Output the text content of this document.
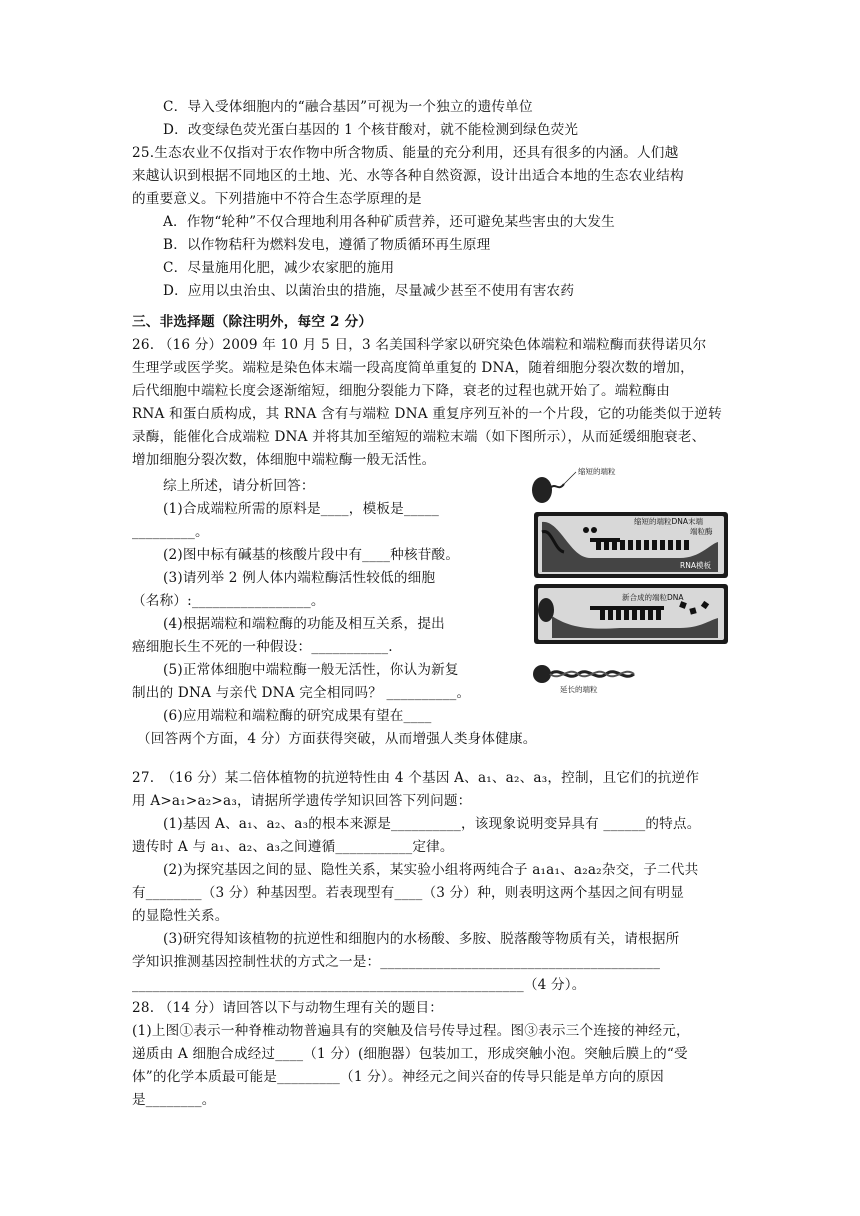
C．导入受体细胞内的“融合基因”可视为一个独立的遗传单位
D．改变绿色荧光蛋白基因的 1 个核苷酸对，就不能检测到绿色荧光
25.生态农业不仅指对于农作物中所含物质、能量的充分利用，还具有很多的内涵。人们越
来越认识到根据不同地区的土地、光、水等各种自然资源，设计出适合本地的生态农业结构
的重要意义。下列措施中不符合生态学原理的是
A．作物“轮种”不仅合理地利用各种矿质营养，还可避免某些害虫的大发生
B．以作物秸秆为燃料发电，遵循了物质循环再生原理
C．尽量施用化肥，减少农家肥的施用
D．应用以虫治虫、以菌治虫的措施，尽量减少甚至不使用有害农药
三、非选择题（除注明外，每空 2 分）
26. （16 分）2009 年 10 月 5 日，3 名美国科学家以研究染色体端粒和端粒酶而获得诺贝尔
生理学或医学奖。端粒是染色体末端一段高度简单重复的 DNA，随着细胞分裂次数的增加，
后代细胞中端粒长度会逐渐缩短，细胞分裂能力下降，衰老的过程也就开始了。端粒酶由
RNA 和蛋白质构成，其 RNA 含有与端粒 DNA 重复序列互补的一个片段，它的功能类似于逆转
录酶，能催化合成端粒 DNA 并将其加至缩短的端粒末端（如下图所示），从而延缓细胞衰老、
增加细胞分裂次数，体细胞中端粒酶一般无活性。
综上所述，请分析回答：
(1)合成端粒所需的原料是____，模板是_____
_________。
(2)图中标有碱基的核酸片段中有____种核苷酸。
(3)请列举 2 例人体内端粒酶活性较低的细胞
（名称）:_________________。
(4)根据端粒和端粒酶的功能及相互关系，提出
癌细胞长生不死的一种假设：___________.
(5)正常体细胞中端粒酶一般无活性，你认为新复
制出的 DNA 与亲代 DNA 完全相同吗？ __________。
(6)应用端粒和端粒酶的研究成果有望在____
（回答两个方面，4 分）方面获得突破，从而增强人类身体健康。
27.　（16 分）某二倍体植物的抗逆特性由 4 个基因 A、a₁、a₂、a₃，控制，且它们的抗逆作
用 A>a₁>a₂>a₃，请据所学遗传学知识回答下列问题：
(1)基因 A、a₁、a₂、a₃的根本来源是__________，该现象说明变异具有 ______的特点。
遗传时 A 与 a₁、a₂、a₃之间遵循___________定律。
(2)为探究基因之间的显、隐性关系，某实验小组将两纯合子 a₁a₁、a₂a₂杂交，子二代共
有________（3 分）种基因型。若表现型有____（3 分）种，则表明这两个基因之间有明显
的显隐性关系。
(3)研究得知该植物的抗逆性和细胞内的水杨酸、多胺、脱落酸等物质有关，请根据所
学知识推测基因控制性状的方式之一是：________________________________________
________________________________________________________（4 分）。
28. （14 分）请回答以下与动物生理有关的题目：
(1)上图①表示一种脊椎动物普遍具有的突触及信号传导过程。图③表示三个连接的神经元，
递质由 A 细胞合成经过____（1 分）(细胞器）包装加工，形成突触小泡。突触后膜上的“受
体”的化学本质最可能是_________（1 分）。神经元之间兴奋的传导只能是单方向的原因
是________。
缩短的端粒
缩短的端粒DNA末端
端粒酶
RNA模板
新合成的端粒DNA
延长的端粒
